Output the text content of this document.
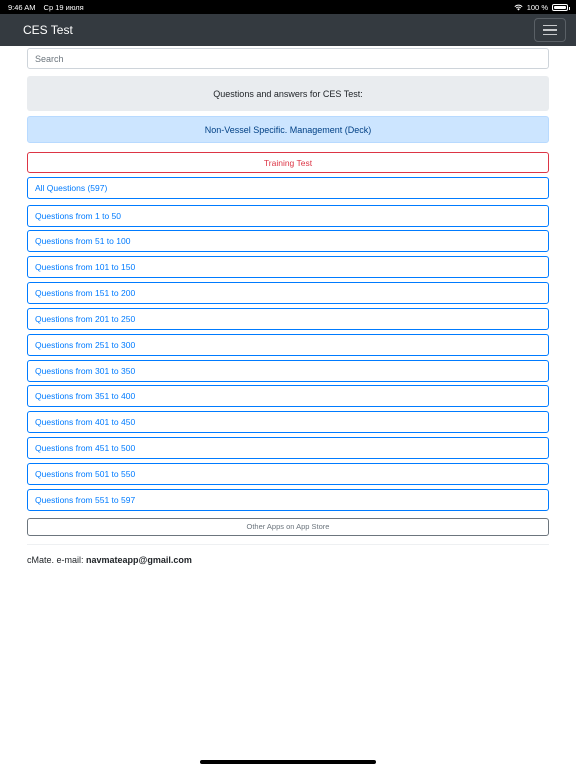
9:46 AM Ср 19 июля	100 %
CES Test
Search
Questions and answers for CES Test:
Non-Vessel Specific. Management (Deck)
Training Test
All Questions (597)
Questions from 1 to 50
Questions from 51 to 100
Questions from 101 to 150
Questions from 151 to 200
Questions from 201 to 250
Questions from 251 to 300
Questions from 301 to 350
Questions from 351 to 400
Questions from 401 to 450
Questions from 451 to 500
Questions from 501 to 550
Questions from 551 to 597
Other Apps on App Store
cMate. e-mail: navmateapp@gmail.com
